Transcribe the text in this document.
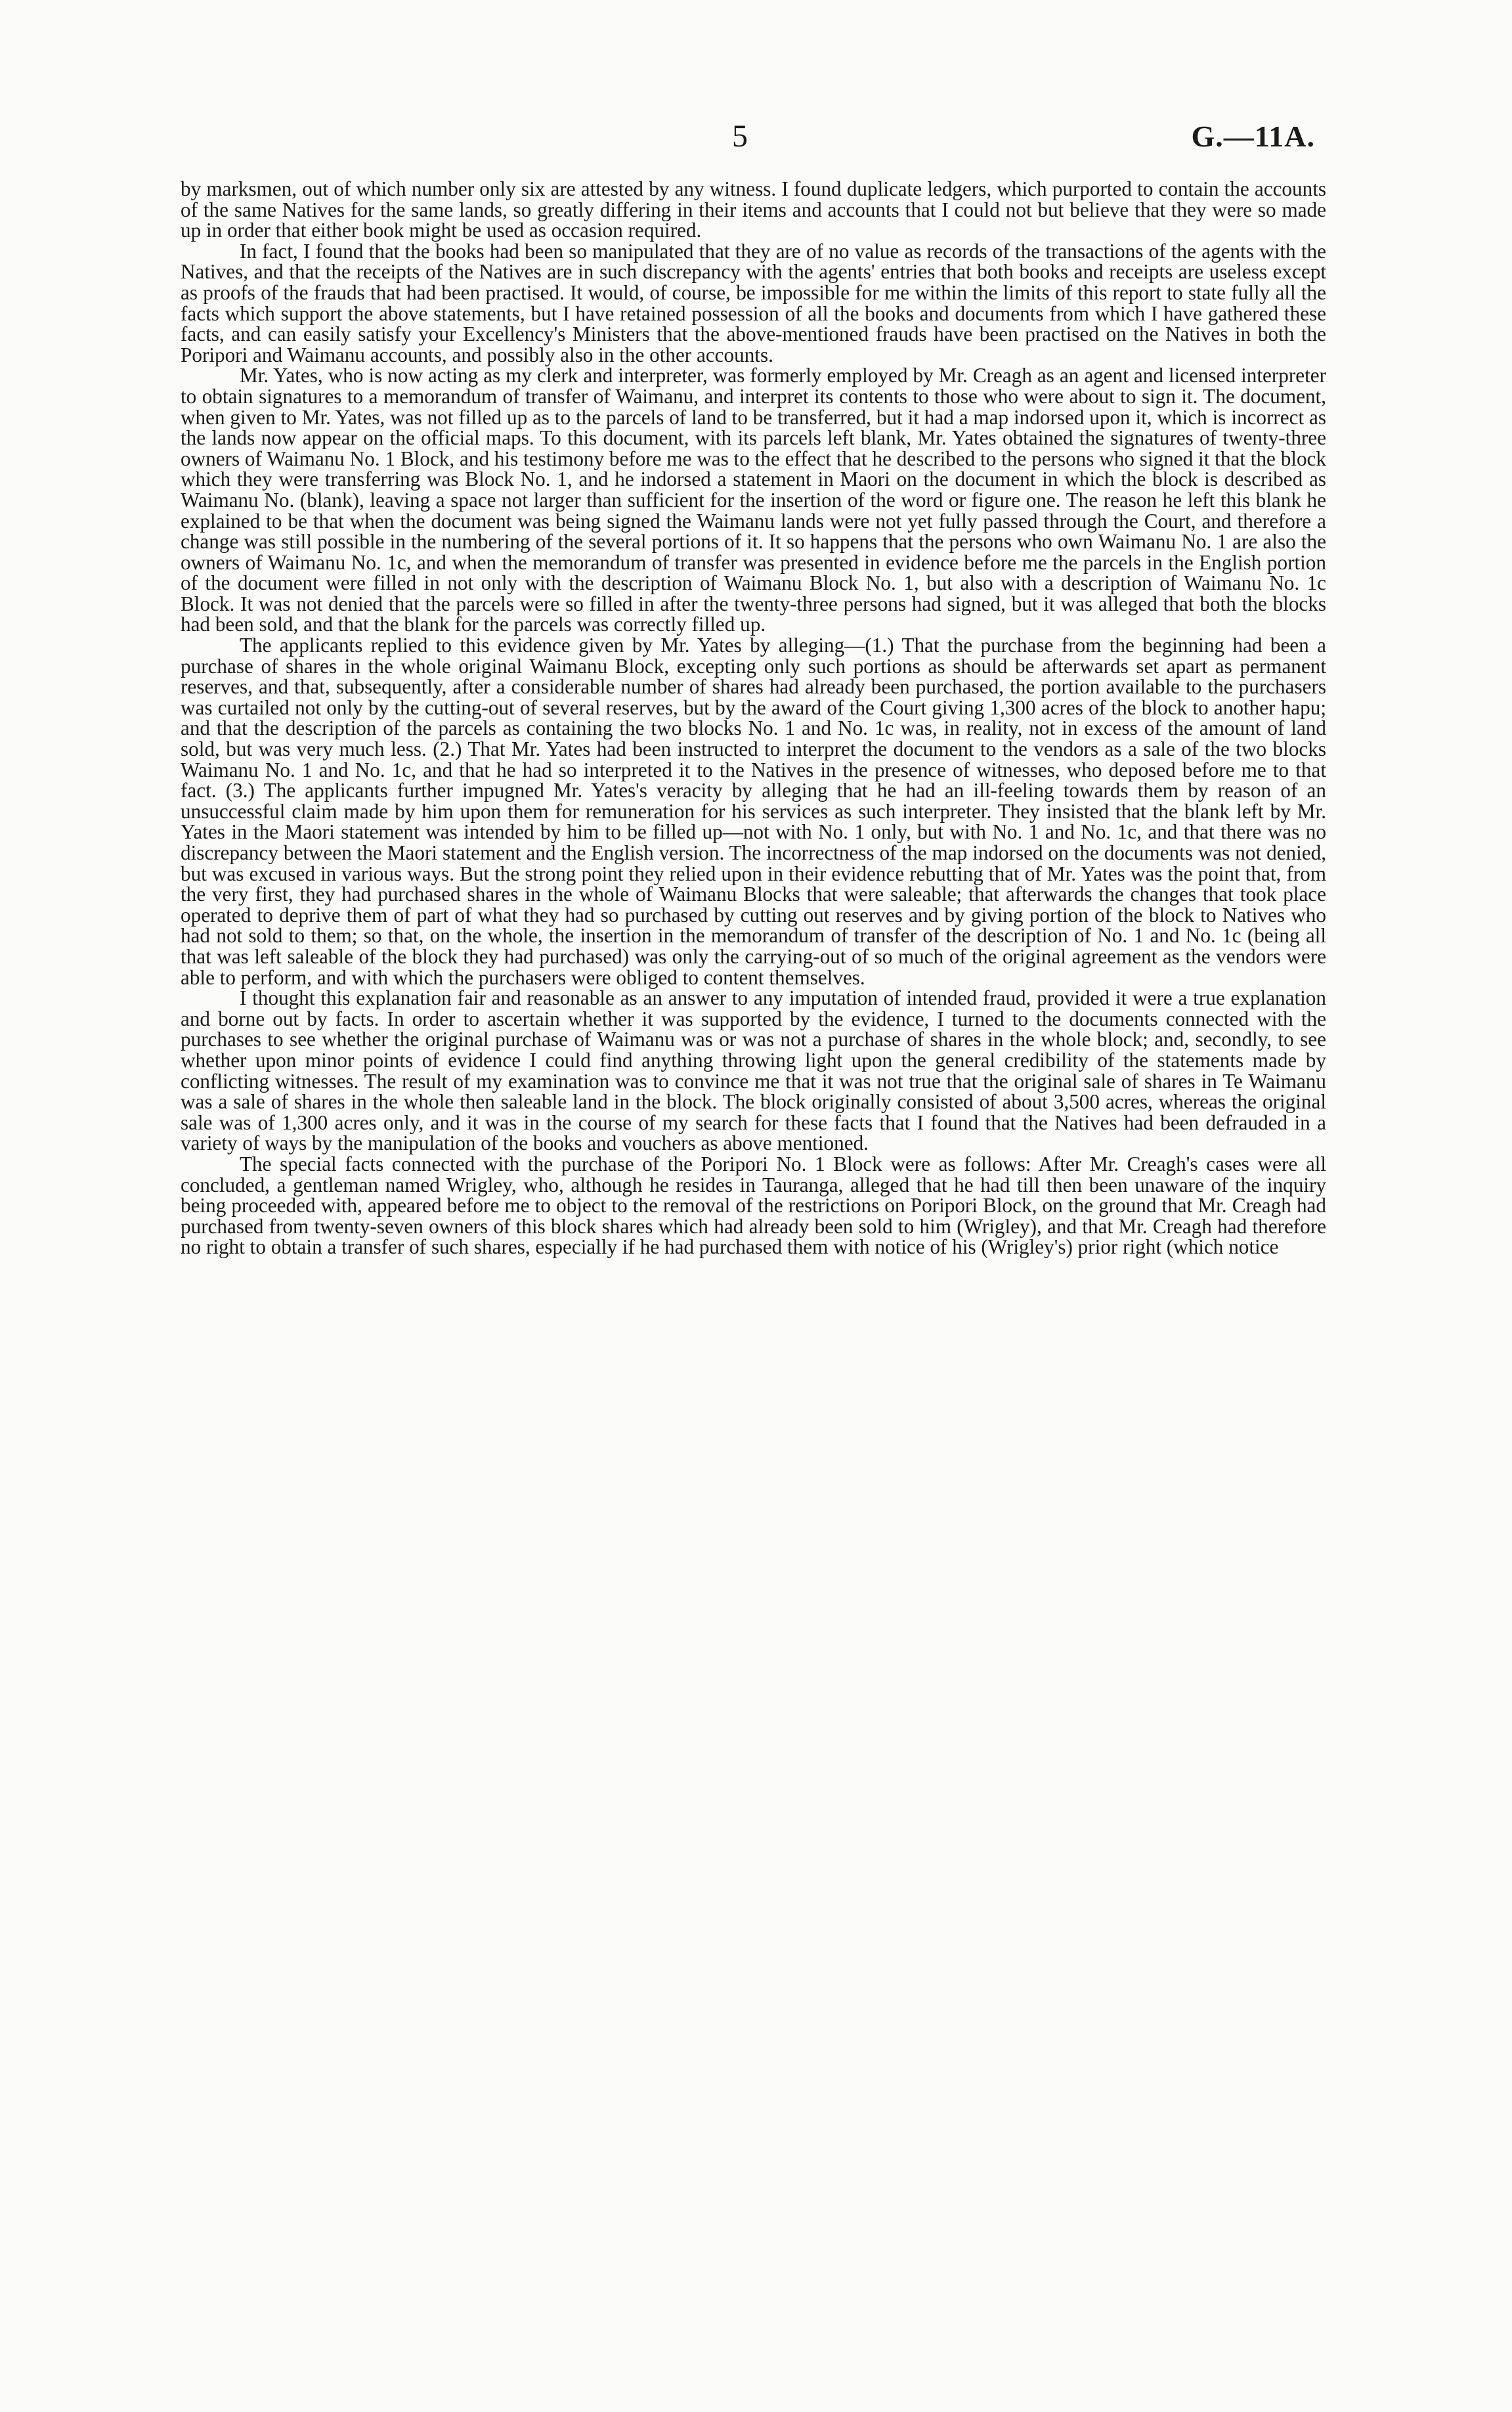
5	G.—11A.

by marksmen, out of which number only six are attested by any witness. I found duplicate ledgers, which purported to contain the accounts of the same Natives for the same lands, so greatly differing in their items and accounts that I could not but believe that they were so made up in order that either book might be used as occasion required.

In fact, I found that the books had been so manipulated that they are of no value as records of the transactions of the agents with the Natives, and that the receipts of the Natives are in such discrepancy with the agents' entries that both books and receipts are useless except as proofs of the frauds that had been practised. It would, of course, be impossible for me within the limits of this report to state fully all the facts which support the above statements, but I have retained possession of all the books and documents from which I have gathered these facts, and can easily satisfy your Excellency's Ministers that the above-mentioned frauds have been practised on the Natives in both the Poripori and Waimanu accounts, and possibly also in the other accounts.

Mr. Yates, who is now acting as my clerk and interpreter, was formerly employed by Mr. Creagh as an agent and licensed interpreter to obtain signatures to a memorandum of transfer of Waimanu, and interpret its contents to those who were about to sign it. The document, when given to Mr. Yates, was not filled up as to the parcels of land to be transferred, but it had a map indorsed upon it, which is incorrect as the lands now appear on the official maps. To this document, with its parcels left blank, Mr. Yates obtained the signatures of twenty-three owners of Waimanu No. 1 Block, and his testimony before me was to the effect that he described to the persons who signed it that the block which they were transferring was Block No. 1, and he indorsed a statement in Maori on the document in which the block is described as Waimanu No. (blank), leaving a space not larger than sufficient for the insertion of the word or figure one. The reason he left this blank he explained to be that when the document was being signed the Waimanu lands were not yet fully passed through the Court, and therefore a change was still possible in the numbering of the several portions of it. It so happens that the persons who own Waimanu No. 1 are also the owners of Waimanu No. 1c, and when the memorandum of transfer was presented in evidence before me the parcels in the English portion of the document were filled in not only with the description of Waimanu Block No. 1, but also with a description of Waimanu No. 1c Block. It was not denied that the parcels were so filled in after the twenty-three persons had signed, but it was alleged that both the blocks had been sold, and that the blank for the parcels was correctly filled up.

The applicants replied to this evidence given by Mr. Yates by alleging—(1.) That the purchase from the beginning had been a purchase of shares in the whole original Waimanu Block, excepting only such portions as should be afterwards set apart as permanent reserves, and that, subsequently, after a considerable number of shares had already been purchased, the portion available to the purchasers was curtailed not only by the cutting-out of several reserves, but by the award of the Court giving 1,300 acres of the block to another hapu; and that the description of the parcels as containing the two blocks No. 1 and No. 1c was, in reality, not in excess of the amount of land sold, but was very much less. (2.) That Mr. Yates had been instructed to interpret the document to the vendors as a sale of the two blocks Waimanu No. 1 and No. 1c, and that he had so interpreted it to the Natives in the presence of witnesses, who deposed before me to that fact. (3.) The applicants further impugned Mr. Yates's veracity by alleging that he had an ill-feeling towards them by reason of an unsuccessful claim made by him upon them for remuneration for his services as such interpreter. They insisted that the blank left by Mr. Yates in the Maori statement was intended by him to be filled up—not with No. 1 only, but with No. 1 and No. 1c, and that there was no discrepancy between the Maori statement and the English version. The incorrectness of the map indorsed on the documents was not denied, but was excused in various ways. But the strong point they relied upon in their evidence rebutting that of Mr. Yates was the point that, from the very first, they had purchased shares in the whole of Waimanu Blocks that were saleable; that afterwards the changes that took place operated to deprive them of part of what they had so purchased by cutting out reserves and by giving portion of the block to Natives who had not sold to them; so that, on the whole, the insertion in the memorandum of transfer of the description of No. 1 and No. 1c (being all that was left saleable of the block they had purchased) was only the carrying-out of so much of the original agreement as the vendors were able to perform, and with which the purchasers were obliged to content themselves.

I thought this explanation fair and reasonable as an answer to any imputation of intended fraud, provided it were a true explanation and borne out by facts. In order to ascertain whether it was supported by the evidence, I turned to the documents connected with the purchases to see whether the original purchase of Waimanu was or was not a purchase of shares in the whole block; and, secondly, to see whether upon minor points of evidence I could find anything throwing light upon the general credibility of the statements made by conflicting witnesses. The result of my examination was to convince me that it was not true that the original sale of shares in Te Waimanu was a sale of shares in the whole then saleable land in the block. The block originally consisted of about 3,500 acres, whereas the original sale was of 1,300 acres only, and it was in the course of my search for these facts that I found that the Natives had been defrauded in a variety of ways by the manipulation of the books and vouchers as above mentioned.

The special facts connected with the purchase of the Poripori No. 1 Block were as follows: After Mr. Creagh's cases were all concluded, a gentleman named Wrigley, who, although he resides in Tauranga, alleged that he had till then been unaware of the inquiry being proceeded with, appeared before me to object to the removal of the restrictions on Poripori Block, on the ground that Mr. Creagh had purchased from twenty-seven owners of this block shares which had already been sold to him (Wrigley), and that Mr. Creagh had therefore no right to obtain a transfer of such shares, especially if he had purchased them with notice of his (Wrigley's) prior right (which notice
